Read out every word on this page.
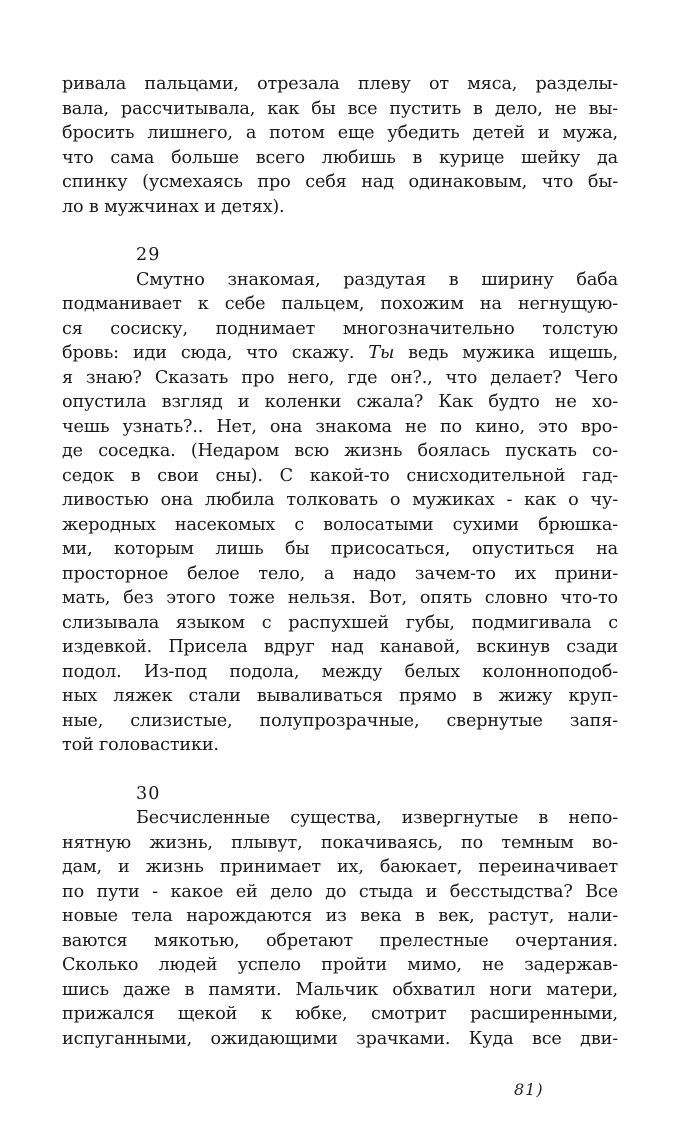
ривала пальцами, отрезала плеву от мяса, разделы-
вала, рассчитывала, как бы все пустить в дело, не вы-
бросить лишнего, а потом еще убедить детей и мужа,
что сама больше всего любишь в курице шейку да
спинку (усмехаясь про себя над одинаковым, что бы-
ло в мужчинах и детях).
29
Смутно знакомая, раздутая в ширину баба
подманивает к себе пальцем, похожим на негнущую-
ся сосиску, поднимает многозначительно толстую
бровь: иди сюда, что скажу. Ты ведь мужика ищешь,
я знаю? Сказать про него, где он?., что делает? Чего
опустила взгляд и коленки сжала? Как будто не хо-
чешь узнать?.. Нет, она знакома не по кино, это вро-
де соседка. (Недаром всю жизнь боялась пускать со-
седок в свои сны). С какой-то снисходительной гад-
ливостью она любила толковать о мужиках - как о чу-
жеродных насекомых с волосатыми сухими брюшка-
ми, которым лишь бы присосаться, опуститься на
просторное белое тело, а надо зачем-то их прини-
мать, без этого тоже нельзя. Вот, опять словно что-то
слизывала языком с распухшей губы, подмигивала с
издевкой. Присела вдруг над канавой, вскинув сзади
подол. Из-под подола, между белых колонноподоб-
ных ляжек стали вываливаться прямо в жижу круп-
ные, слизистые, полупрозрачные, свернутые запя-
той головастики.
30
Бесчисленные существа, извергнутые в непо-
нятную жизнь, плывут, покачиваясь, по темным во-
дам, и жизнь принимает их, баюкает, переиначивает
по пути - какое ей дело до стыда и бесстыдства? Все
новые тела нарождаются из века в век, растут, нали-
ваются мякотью, обретают прелестные очертания.
Сколько людей успело пройти мимо, не задержав-
шись даже в памяти. Мальчик обхватил ноги матери,
прижался щекой к юбке, смотрит расширенными,
испуганными, ожидающими зрачками. Куда все дви-
81)
